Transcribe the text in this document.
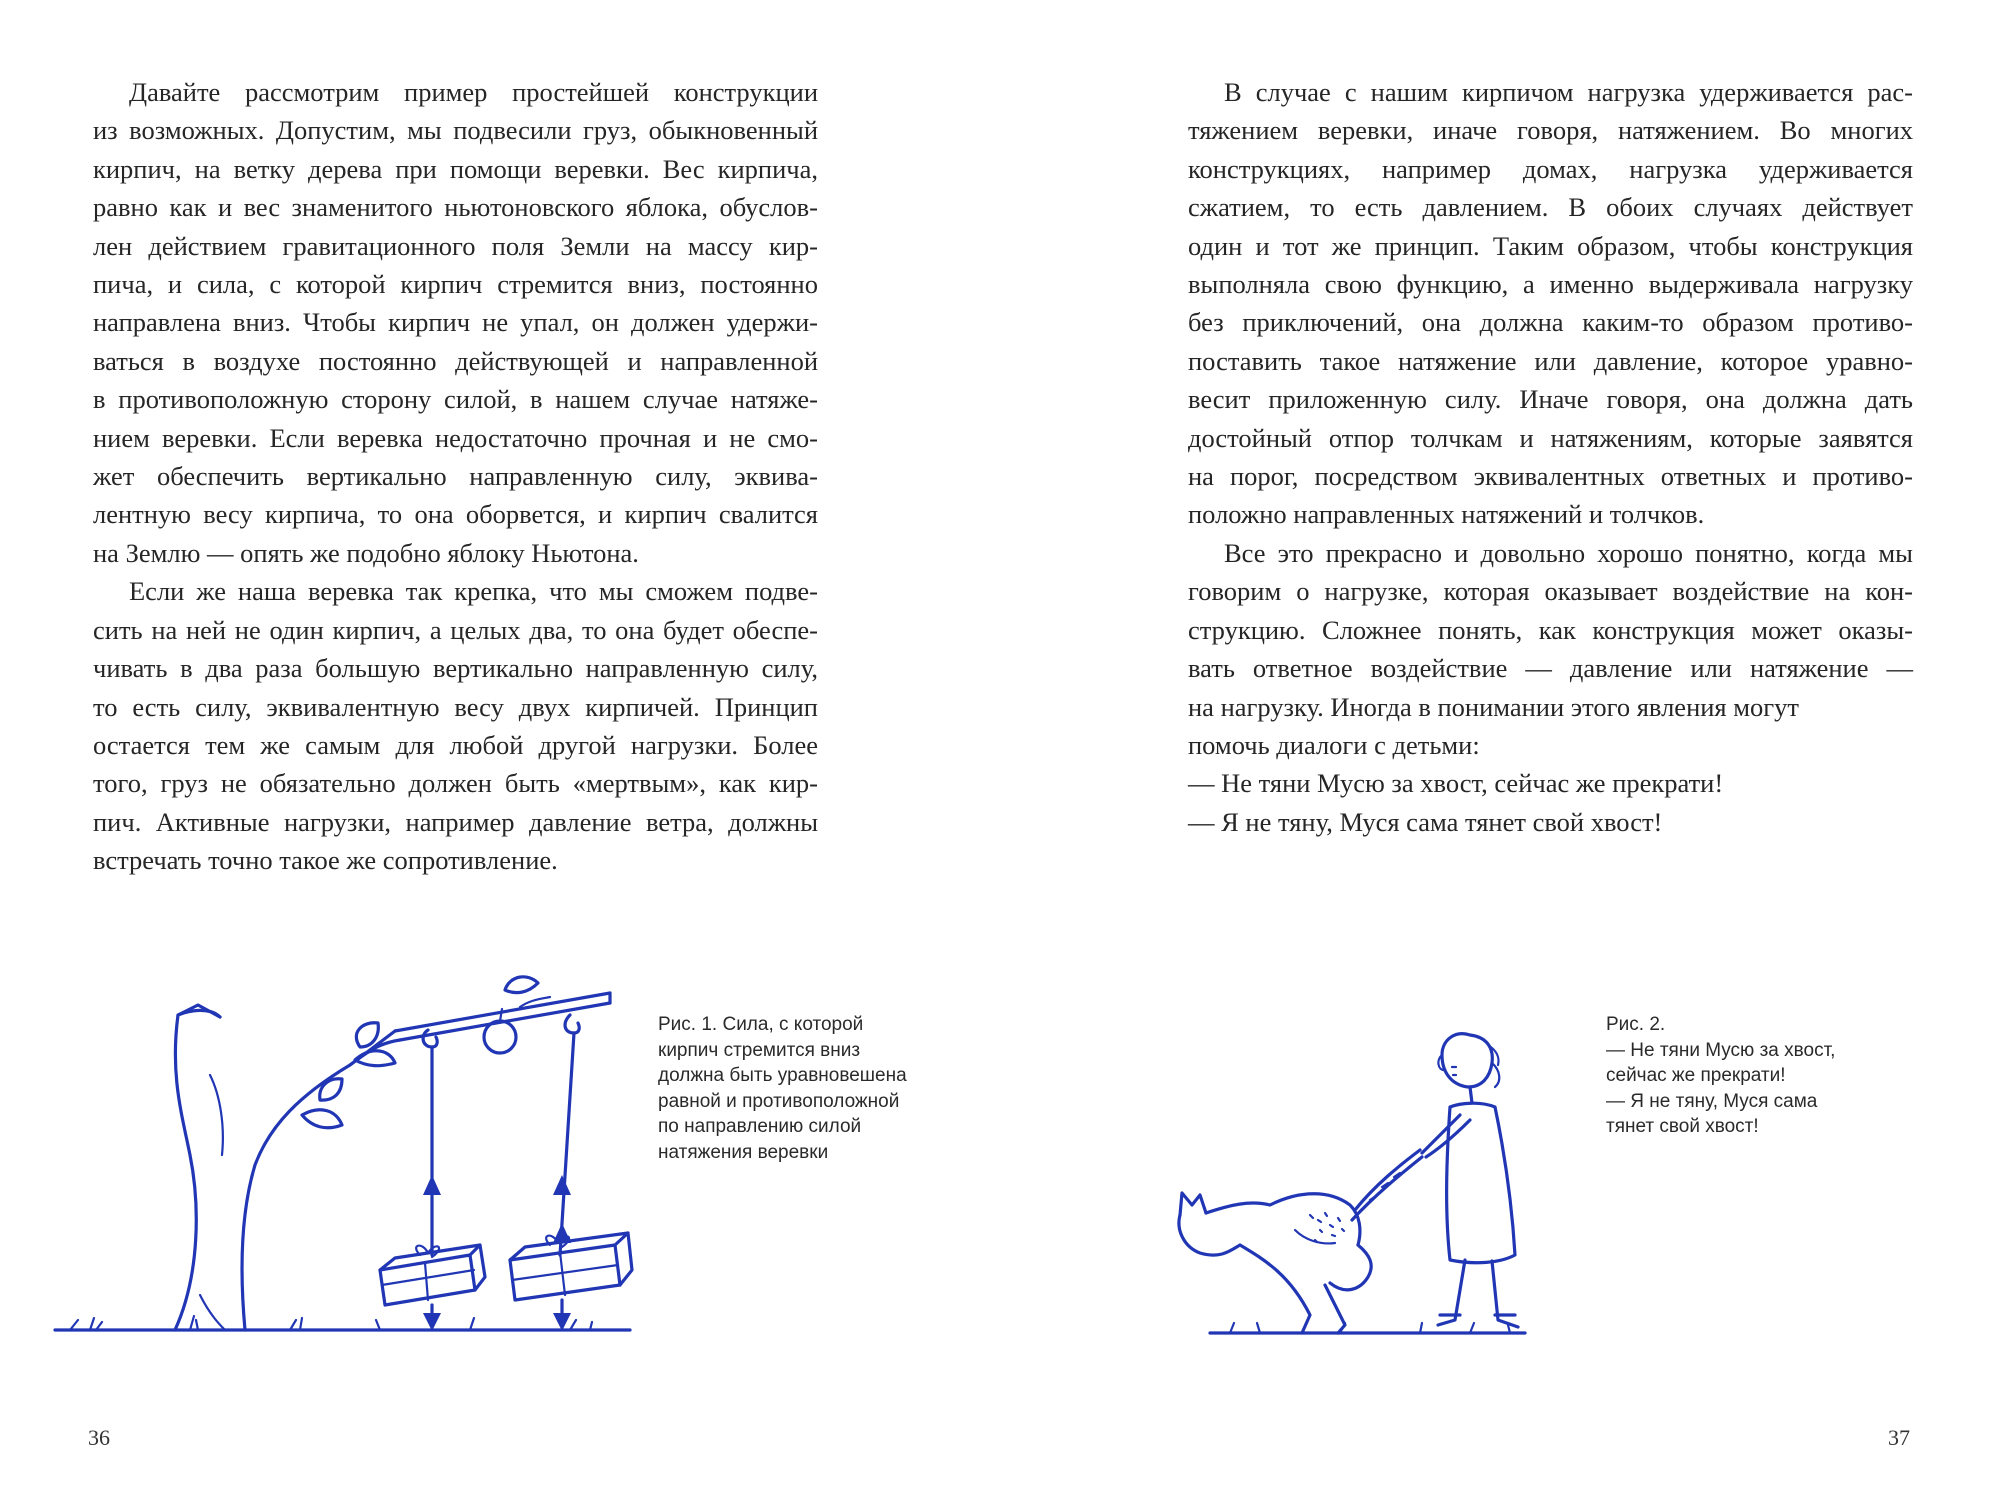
Давайте рассмотрим пример простейшей конструкции
из возможных. Допустим, мы подвесили груз, обыкновенный
кирпич, на ветку дерева при помощи веревки. Вес кирпича,
равно как и вес знаменитого ньютоновского яблока, обуслов-
лен действием гравитационного поля Земли на массу кир-
пича, и сила, с которой кирпич стремится вниз, постоянно
направлена вниз. Чтобы кирпич не упал, он должен удержи-
ваться в воздухе постоянно действующей и направленной
в противоположную сторону силой, в нашем случае натяже-
нием веревки. Если веревка недостаточно прочная и не смо-
жет обеспечить вертикально направленную силу, эквива-
лентную весу кирпича, то она оборвется, и кирпич свалится
на Землю — опять же подобно яблоку Ньютона.
Если же наша веревка так крепка, что мы сможем подве-
сить на ней не один кирпич, а целых два, то она будет обеспе-
чивать в два раза большую вертикально направленную силу,
то есть силу, эквивалентную весу двух кирпичей. Принцип
остается тем же самым для любой другой нагрузки. Более
того, груз не обязательно должен быть «мертвым», как кир-
пич. Активные нагрузки, например давление ветра, должны
встречать точно такое же сопротивление.
Рис. 1. Сила, с которой
кирпич стремится вниз
должна быть уравновешена
равной и противоположной
по направлению силой
натяжения веревки
36
В случае с нашим кирпичом нагрузка удерживается рас-
тяжением веревки, иначе говоря, натяжением. Во многих
конструкциях, например домах, нагрузка удерживается
сжатием, то есть давлением. В обоих случаях действует
один и тот же принцип. Таким образом, чтобы конструкция
выполняла свою функцию, а именно выдерживала нагрузку
без приключений, она должна каким-то образом противо-
поставить такое натяжение или давление, которое уравно-
весит приложенную силу. Иначе говоря, она должна дать
достойный отпор толчкам и натяжениям, которые заявятся
на порог, посредством эквивалентных ответных и противо-
положно направленных натяжений и толчков.
Все это прекрасно и довольно хорошо понятно, когда мы
говорим о нагрузке, которая оказывает воздействие на кон-
струкцию. Сложнее понять, как конструкция может оказы-
вать ответное воздействие — давление или натяжение —
на нагрузку. Иногда в понимании этого явления могут
помочь диалоги с детьми:
— Не тяни Мусю за хвост, сейчас же прекрати!
— Я не тяну, Муся сама тянет свой хвост!
Рис. 2.
— Не тяни Мусю за хвост,
сейчас же прекрати!
— Я не тяну, Муся сама
тянет свой хвост!
37
